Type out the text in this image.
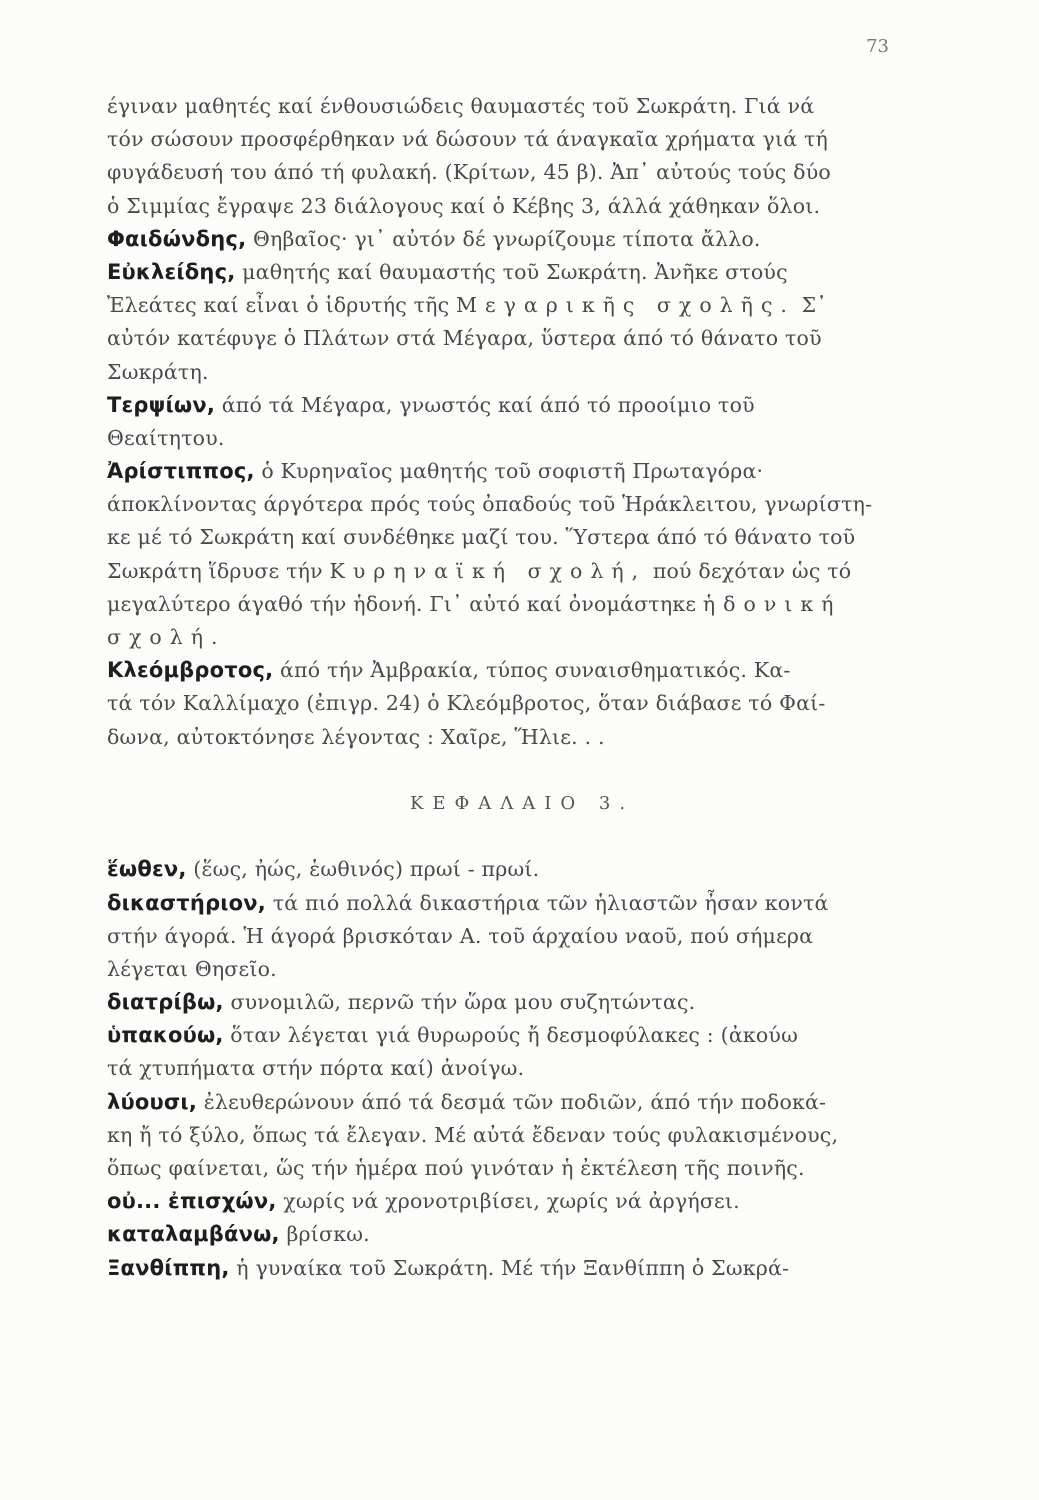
73
έγιναν μαθητές καί ένθουσιώδεις θαυμαστές τοῦ Σωκράτη. Γιά νά
τόν σώσουν προσφέρθηκαν νά δώσουν τά άναγκαῖα χρήματα γιά τή
φυγάδευσή του άπό τή φυλακή. (Κρίτων, 45 β). Ἀπ᾽ αὐτούς τούς δύο
ὁ Σιμμίας ἔγραψε 23 διάλογους καί ὁ Κέβης 3, άλλά χάθηκαν ὅλοι.
Φαιδώνδης, Θηβαῖος· γι᾽ αὐτόν δέ γνωρίζουμε τίποτα ἄλλο.
Εὐκλείδης, μαθητής καί θαυμαστής τοῦ Σωκράτη. Ἀνῆκε στούς
Ἐλεάτες καί εἶναι ὁ ἱδρυτής τῆς Μεγαρικῆς σχολῆς. Σ᾽
αὐτόν κατέφυγε ὁ Πλάτων στά Μέγαρα, ὕστερα άπό τό θάνατο τοῦ
Σωκράτη.
Τερψίων, άπό τά Μέγαρα, γνωστός καί άπό τό προοίμιο τοῦ
Θεαίτητου.
Ἀρίστιππος, ὁ Κυρηναῖος μαθητής τοῦ σοφιστῆ Πρωταγόρα·
άποκλίνοντας άργότερα πρός τούς ὀπαδούς τοῦ Ἡράκλειτου, γνωρίστη-
κε μέ τό Σωκράτη καί συνδέθηκε μαζί του. Ὕστερα άπό τό θάνατο τοῦ
Σωκράτη ἵδρυσε τήν Κυρηναϊκή σχολή, πού δεχόταν ὡς τό
μεγαλύτερο άγαθό τήν ἡδονή. Γι᾽ αὐτό καί ὀνομάστηκε ἡδονική
σχολή.
Κλεόμβροτος, άπό τήν Ἀμβρακία, τύπος συναισθηματικός. Κα-
τά τόν Καλλίμαχο (ἐπιγρ. 24) ὁ Κλεόμβροτος, ὅταν διάβασε τό Φαί-
δωνα, αὐτοκτόνησε λέγοντας : Χαῖρε, Ἥλιε. . .
ΚΕΦΑΛΑΙΟ 3.
ἕωθεν, (ἕως, ἠώς, ἑωθινός) πρωί - πρωί.
δικαστήριον, τά πιό πολλά δικαστήρια τῶν ἡλιαστῶν ἦσαν κοντά
στήν άγορά. Ἡ άγορά βρισκόταν Α. τοῦ άρχαίου ναοῦ, πού σήμερα
λέγεται Θησεῖο.
διατρίβω, συνομιλῶ, περνῶ τήν ὥρα μου συζητώντας.
ὑπακούω, ὅταν λέγεται γιά θυρωρούς ἤ δεσμοφύλακες : (ἀκούω
τά χτυπήματα στήν πόρτα καί) ἀνοίγω.
λύουσι, ἐλευθερώνουν άπό τά δεσμά τῶν ποδιῶν, άπό τήν ποδοκά-
κη ἤ τό ξύλο, ὅπως τά ἔλεγαν. Μέ αὐτά ἔδεναν τούς φυλακισμένους,
ὅπως φαίνεται, ὥς τήν ἡμέρα πού γινόταν ἡ ἐκτέλεση τῆς ποινῆς.
οὐ... ἐπισχών, χωρίς νά χρονοτριβίσει, χωρίς νά ἀργήσει.
καταλαμβάνω, βρίσκω.
Ξανθίππη, ἡ γυναίκα τοῦ Σωκράτη. Μέ τήν Ξανθίππη ὁ Σωκρά-
